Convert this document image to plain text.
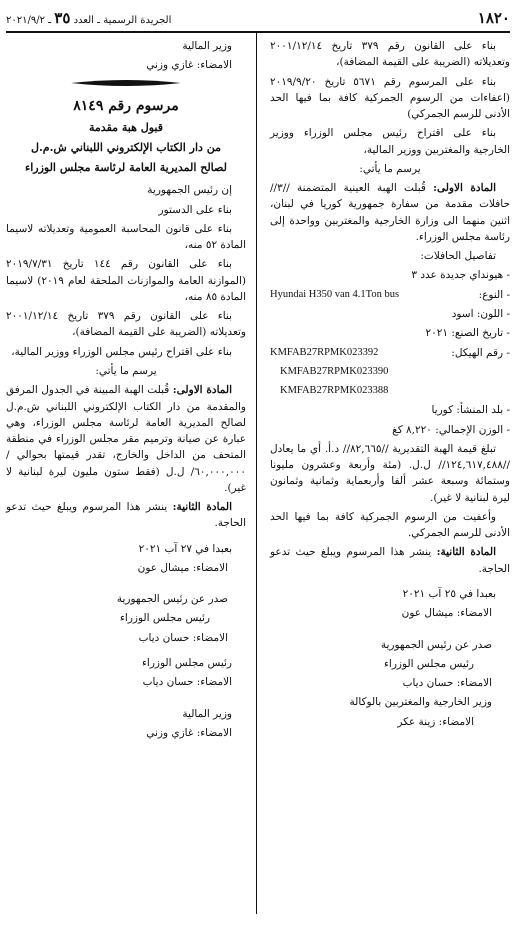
١٨٢٠
الجريدة الرسمية ـ العدد ٣٥ ـ ٢٠٢١/٩/٢

بناء على القانون رقم ٣٧٩ تاريخ ٢٠٠١/١٢/١٤ وتعديلاته (الضريبة على القيمة المضافة)،

بناء على المرسوم رقم ٥٦٧١ تاريخ ٢٠١٩/٩/٢٠ (اعفاءات من الرسوم الجمركية كافة بما فيها الحد الأدنى للرسم الجمركي)

بناء على اقتراح رئيس مجلس الوزراء ووزير الخارجية والمغتربين ووزير المالية،

يرسم ما يأتي:

المادة الاولى: قُبلت الهبة العينية المتضمنة //٣// حافلات مقدمة من سفارة جمهورية كوريا في لبنان، اثنين منهما الى وزارة الخارجية والمغتربين وواحدة إلى رئاسة مجلس الوزراء.

تفاصيل الحافلات:

- هيونداي جديدة عدد ٣

- النوع:
Hyundai H350 van 4.1Ton bus

- اللون: اسود

- تاريخ الصنع: ٢٠٢١

- رقم الهيكل:
KMFAB27RPMK023392

KMFAB27RPMK023390

KMFAB27RPMK023388

- بلد المنشأ: كوريا

- الوزن الإجمالي: ٨,٢٢٠ كغ

تبلغ قيمة الهبة التقديرية //٨٢,٦٦٥// د.أ. أي ما يعادل //١٢٤,٦١٧,٤٨٨// ل.ل. (مئة وأربعة وعشرون مليونا وستمائة وسبعة عشر ألفا وأربعماية وثمانية وثمانون ليرة لبنانية لا غير).

وأعفيت من الرسوم الجمركية كافة بما فيها الحد الأدنى للرسم الجمركي.

المادة الثانية: ينشر هذا المرسوم ويبلغ حيث تدعو الحاجة.

بعبدا في ٢٥ آب ٢٠٢١

الامضاء: ميشال عون

صدر عن رئيس الجمهورية

رئيس مجلس الوزراء

الامضاء: حسان دياب

وزير الخارجية والمغتربين بالوكالة

الامضاء: زينة عكر

وزير المالية

الامضاء: غازي وزني

مرسوم رقم ٨١٤٩

قبول هبة مقدمة

من دار الكتاب الإلكتروني اللبناني ش.م.ل

لصالح المديرية العامة لرئاسة مجلس الوزراء

إن رئيس الجمهورية

بناء على الدستور

بناء على قانون المحاسبة العمومية وتعديلاته لاسيما المادة ٥٢ منه،

بناء على القانون رقم ١٤٤ تاريخ ٢٠١٩/٧/٣١ (الموازنة العامة والموازنات الملحقة لعام ٢٠١٩) لاسيما المادة ٨٥ منه،

بناء على القانون رقم ٣٧٩ تاريخ ٢٠٠١/١٢/١٤ وتعديلاته (الضريبة على القيمة المضافة)،

بناء على اقتراح رئيس مجلس الوزراء ووزير المالية،

يرسم ما يأتي:

المادة الاولى: قُبلت الهبة المبينة في الجدول المرفق والمقدمة من دار الكتاب الإلكتروني اللبناني ش.م.ل لصالح المديرية العامة لرئاسة مجلس الوزراء، وهي عبارة عن صيانة وترميم مقر مجلس الوزراء في منطقة المتحف من الداخل والخارج، تقدر قيمتها بحوالي /٦٠,٠٠٠,٠٠٠/ ل.ل (فقط ستون مليون ليرة لبنانية لا غير).

المادة الثانية: ينشر هذا المرسوم ويبلغ حيث تدعو الحاجة.

بعبدا في ٢٧ آب ٢٠٢١

الامضاء: ميشال عون

صدر عن رئيس الجمهورية

رئيس مجلس الوزراء

الامضاء: حسان دياب

رئيس مجلس الوزراء

الامضاء: حسان دياب

وزير المالية

الامضاء: غازي وزني
